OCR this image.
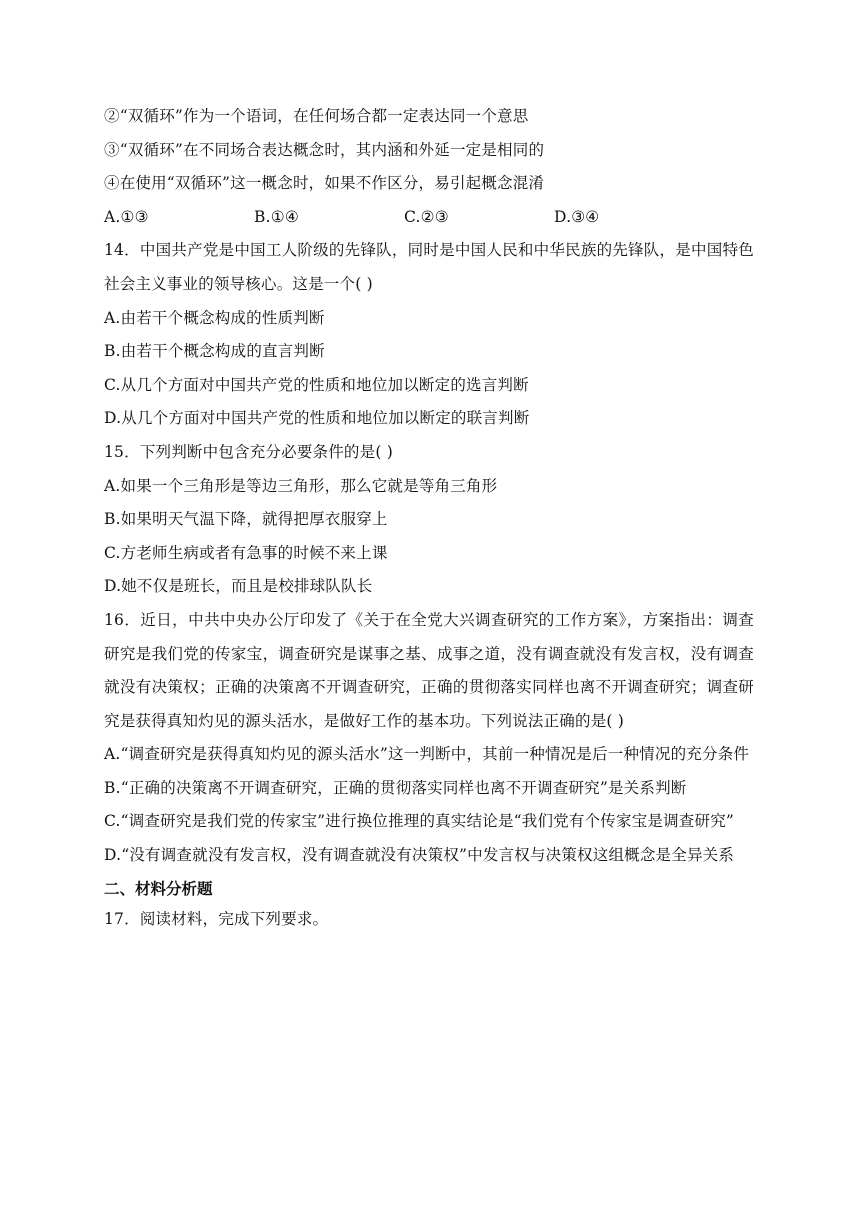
②“双循环”作为一个语词，在任何场合都一定表达同一个意思
③“双循环”在不同场合表达概念时，其内涵和外延一定是相同的
④在使用“双循环”这一概念时，如果不作区分，易引起概念混淆
A.①③	B.①④	C.②③	D.③④
14．中国共产党是中国工人阶级的先锋队，同时是中国人民和中华民族的先锋队，是中国特色社会主义事业的领导核心。这是一个( )
A.由若干个概念构成的性质判断
B.由若干个概念构成的直言判断
C.从几个方面对中国共产党的性质和地位加以断定的选言判断
D.从几个方面对中国共产党的性质和地位加以断定的联言判断
15．下列判断中包含充分必要条件的是( )
A.如果一个三角形是等边三角形，那么它就是等角三角形
B.如果明天气温下降，就得把厚衣服穿上
C.方老师生病或者有急事的时候不来上课
D.她不仅是班长，而且是校排球队队长
16．近日，中共中央办公厅印发了《关于在全党大兴调查研究的工作方案》，方案指出：调查研究是我们党的传家宝，调查研究是谋事之基、成事之道，没有调查就没有发言权，没有调查就没有决策权；正确的决策离不开调查研究，正确的贯彻落实同样也离不开调查研究；调查研究是获得真知灼见的源头活水，是做好工作的基本功。下列说法正确的是( )
A.“调查研究是获得真知灼见的源头活水”这一判断中，其前一种情况是后一种情况的充分条件
B.“正确的决策离不开调查研究，正确的贯彻落实同样也离不开调查研究”是关系判断
C.“调查研究是我们党的传家宝”进行换位推理的真实结论是“我们党有个传家宝是调查研究”
D.“没有调查就没有发言权，没有调查就没有决策权”中发言权与决策权这组概念是全异关系
二、材料分析题
17．阅读材料，完成下列要求。
